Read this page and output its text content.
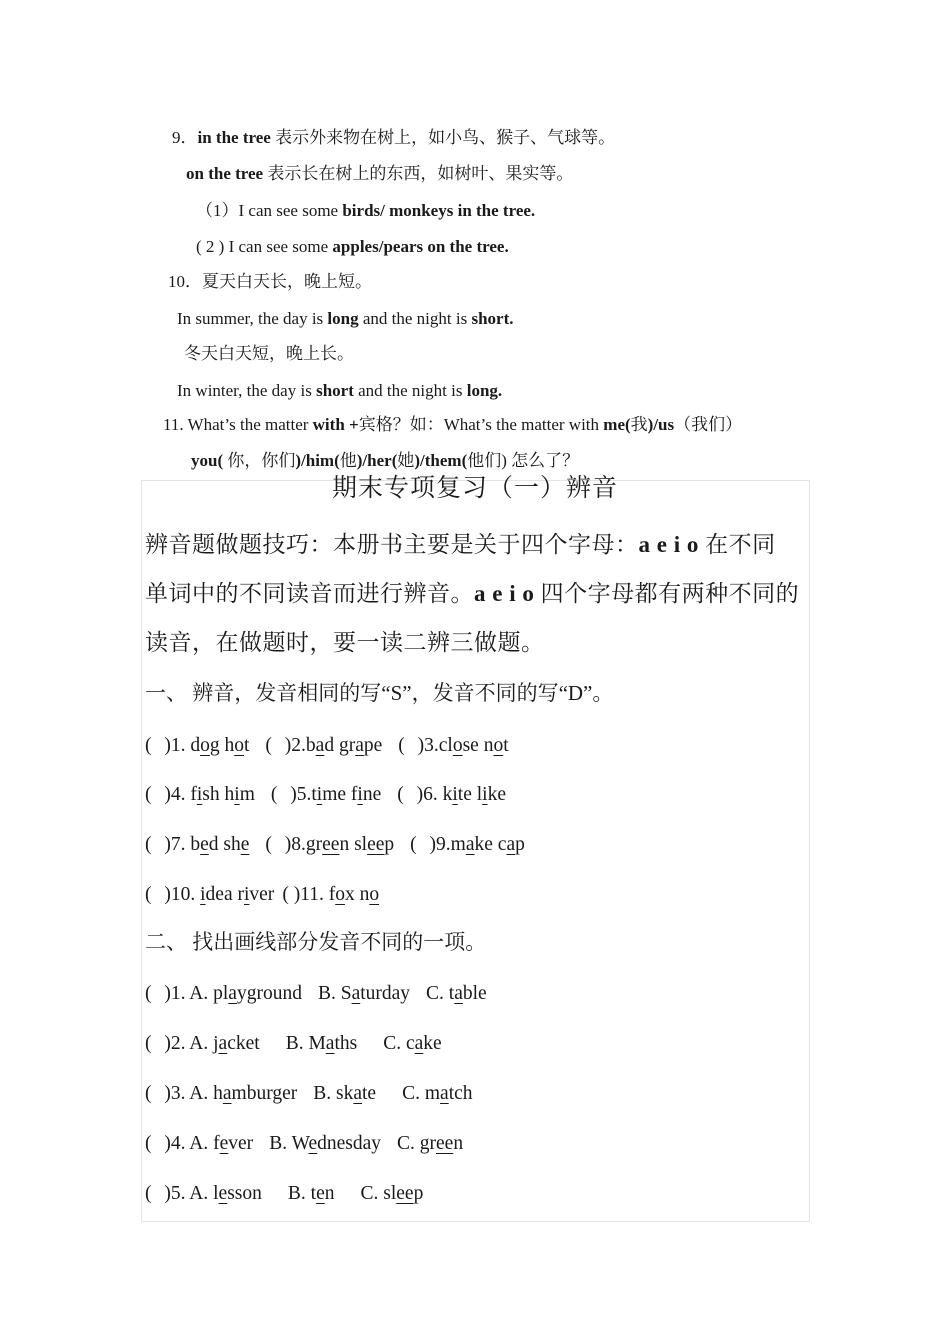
9．in the tree 表示外来物在树上，如小鸟、猴子、气球等。
on the tree 表示长在树上的东西，如树叶、果实等。
（1）I can see some birds/ monkeys in the tree.
( 2 ) I can see some apples/pears on the tree.
10．夏天白天长，晚上短。
In summer, the day is long and the night is short.
冬天白天短，晚上长。
In winter, the day is short and the night is long.
11. What’s the matter with +宾格？如：What’s the matter with me(我)/us（我们）
you( 你，你们)/him(他)/her(她)/them(他们) 怎么了？
期末专项复习（一）辨音
辨音题做题技巧：本册书主要是关于四个字母：a e i o 在不同
单词中的不同读音而进行辨音。a e i o 四个字母都有两种不同的
读音，在做题时，要一读二辨三做题。
一、 辨音，发音相同的写“S”，发音不同的写“D”。
( )1. dog hot ( )2.bad grape ( )3.close not
( )4. fish him ( )5.time fine ( )6. kite like
( )7. bed she ( )8.green sleep ( )9.make cap
( )10. idea river ( )11. fox no
二、 找出画线部分发音不同的一项。
( )1. A. playground B. Saturday C. table
( )2. A. jacket B. Maths C. cake
( )3. A. hamburger B. skate C. match
( )4. A. fever B. Wednesday C. green
( )5. A. lesson B. ten C. sleep
